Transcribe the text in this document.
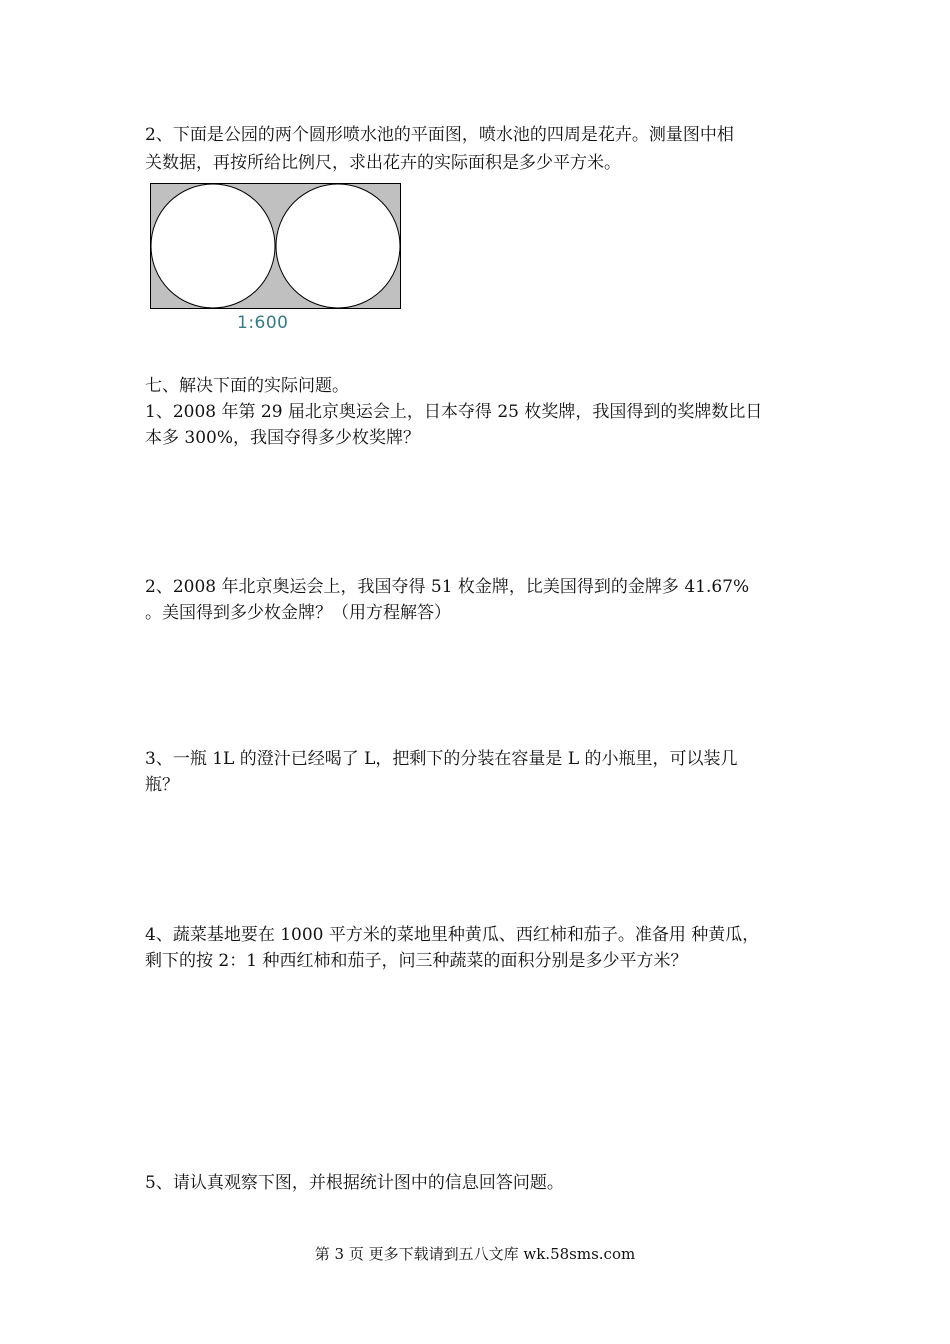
2、下面是公园的两个圆形喷水池的平面图，喷水池的四周是花卉。测量图中相
关数据，再按所给比例尺，求出花卉的实际面积是多少平方米。
1:600
七、解决下面的实际问题。
1、2008 年第 29 届北京奥运会上，日本夺得 25 枚奖牌，我国得到的奖牌数比日
本多 300%，我国夺得多少枚奖牌？
2、2008 年北京奥运会上，我国夺得 51 枚金牌，比美国得到的金牌多 41.67%
。美国得到多少枚金牌？（用方程解答）
3、一瓶 1L 的澄汁已经喝了 L，把剩下的分装在容量是 L 的小瓶里，可以装几
瓶？
4、蔬菜基地要在 1000 平方米的菜地里种黄瓜、西红柿和茄子。准备用 种黄瓜，
剩下的按 2：1 种西红柿和茄子，问三种蔬菜的面积分别是多少平方米？
5、请认真观察下图，并根据统计图中的信息回答问题。
第 3 页 更多下载请到五八文库 wk.58sms.com
